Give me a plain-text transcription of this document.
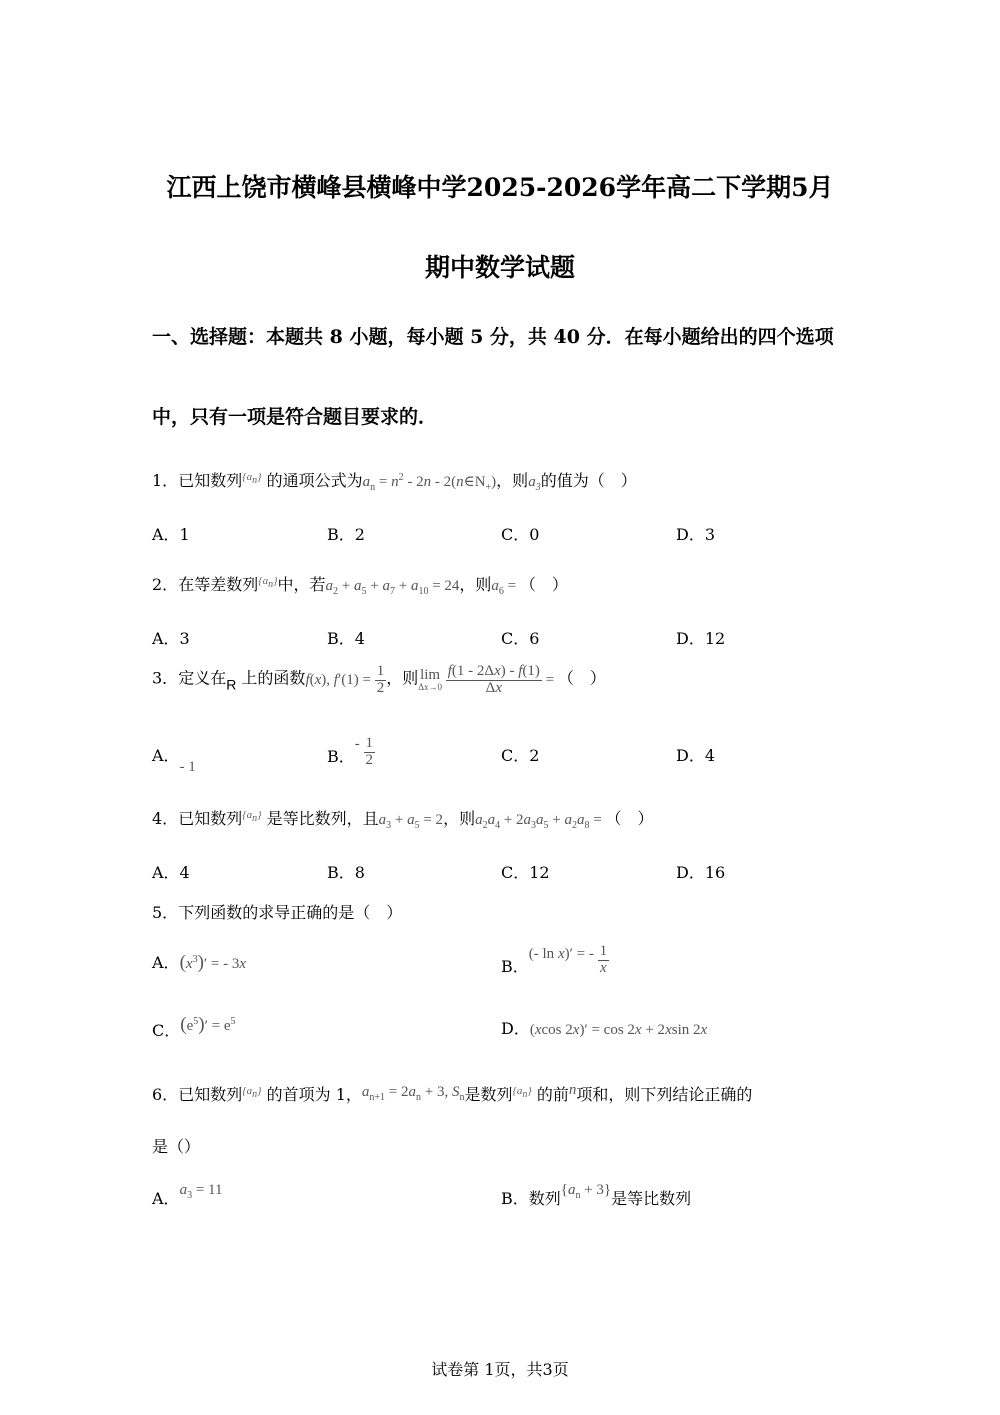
江西上饶市横峰县横峰中学2025-2026学年高二下学期5月
期中数学试题
一、选择题：本题共 8 小题，每小题 5 分，共 40 分．在每小题给出的四个选项
中，只有一项是符合题目要求的．
1．已知数列$^{\{a_n\}}$ 的通项公式为$a_n = n^2 - 2n$ - $2(n\in N_+)$，则$a_3$的值为（　）
A．1	B．2	C．0	D．3
2．在等差数列$^{\{a_n\}}$中，若$a_2 + a_5 + a_7 + a_{10} = 24$，则$a_6$ = （　）
A．3	B．4	C．6	D．12
3．定义在R 上的函数f(x), $f'(1) = \frac{1}{2}$ ，则 lim
Δx→0
$\frac{f(1 - 2\Delta x) - f(1)}{\Delta x}$ = （　）
A．- 1
B．- $\frac{1}{2}$	C．2	D．4
4．已知数列$^{\{a_n\}}$ 是等比数列，且$a_3 + a_5 = 2$，则$a_2a_4 + 2a_3a_5 + a_2a_8$ = （　）
A．4	B．8	C．12	D．16
5．下列函数的求导正确的是（　）
A．$(x^3)'$ = - 3x	B．(- ln x)′ = - $\frac{1}{x}$
C．$(e^5)' = e^5$	D．(xcos 2x)′ = cos 2x + 2xsin 2x
6．已知数列$^{\{a_n\}}$ 的首项为 1，$a_{n+1} = 2a_n + 3$, $S_n$是数列$^{\{a_n\}}$ 的前n项和，则下列结论正确的
是（）
A．$a_3 = 11$	B．数列$\{a_n + 3\}$是等比数列
试卷第 1页，共3页
